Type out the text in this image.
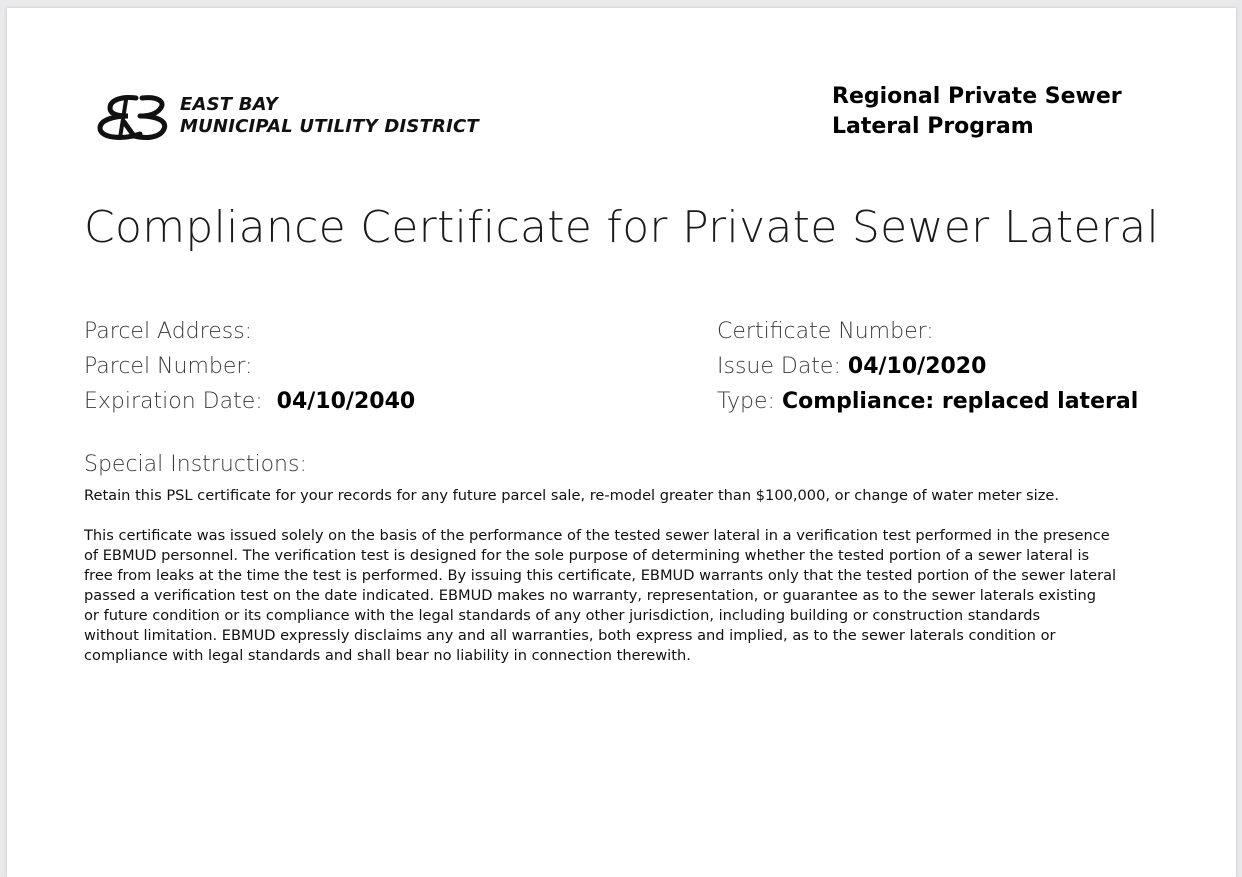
EAST BAY
MUNICIPAL UTILITY DISTRICT
Regional Private Sewer
Lateral Program
Compliance Certificate for Private Sewer Lateral
Parcel Address:
Parcel Number:
Expiration Date: 04/10/2040
Certificate Number:
Issue Date: 04/10/2020
Type: Compliance: replaced lateral
Special Instructions:
Retain this PSL certificate for your records for any future parcel sale, re-model greater than $100,000, or change of water meter size.
This certificate was issued solely on the basis of the performance of the tested sewer lateral in a verification test performed in the presence
of EBMUD personnel. The verification test is designed for the sole purpose of determining whether the tested portion of a sewer lateral is
free from leaks at the time the test is performed. By issuing this certificate, EBMUD warrants only that the tested portion of the sewer lateral
passed a verification test on the date indicated. EBMUD makes no warranty, representation, or guarantee as to the sewer laterals existing
or future condition or its compliance with the legal standards of any other jurisdiction, including building or construction standards
without limitation. EBMUD expressly disclaims any and all warranties, both express and implied, as to the sewer laterals condition or
compliance with legal standards and shall bear no liability in connection therewith.
